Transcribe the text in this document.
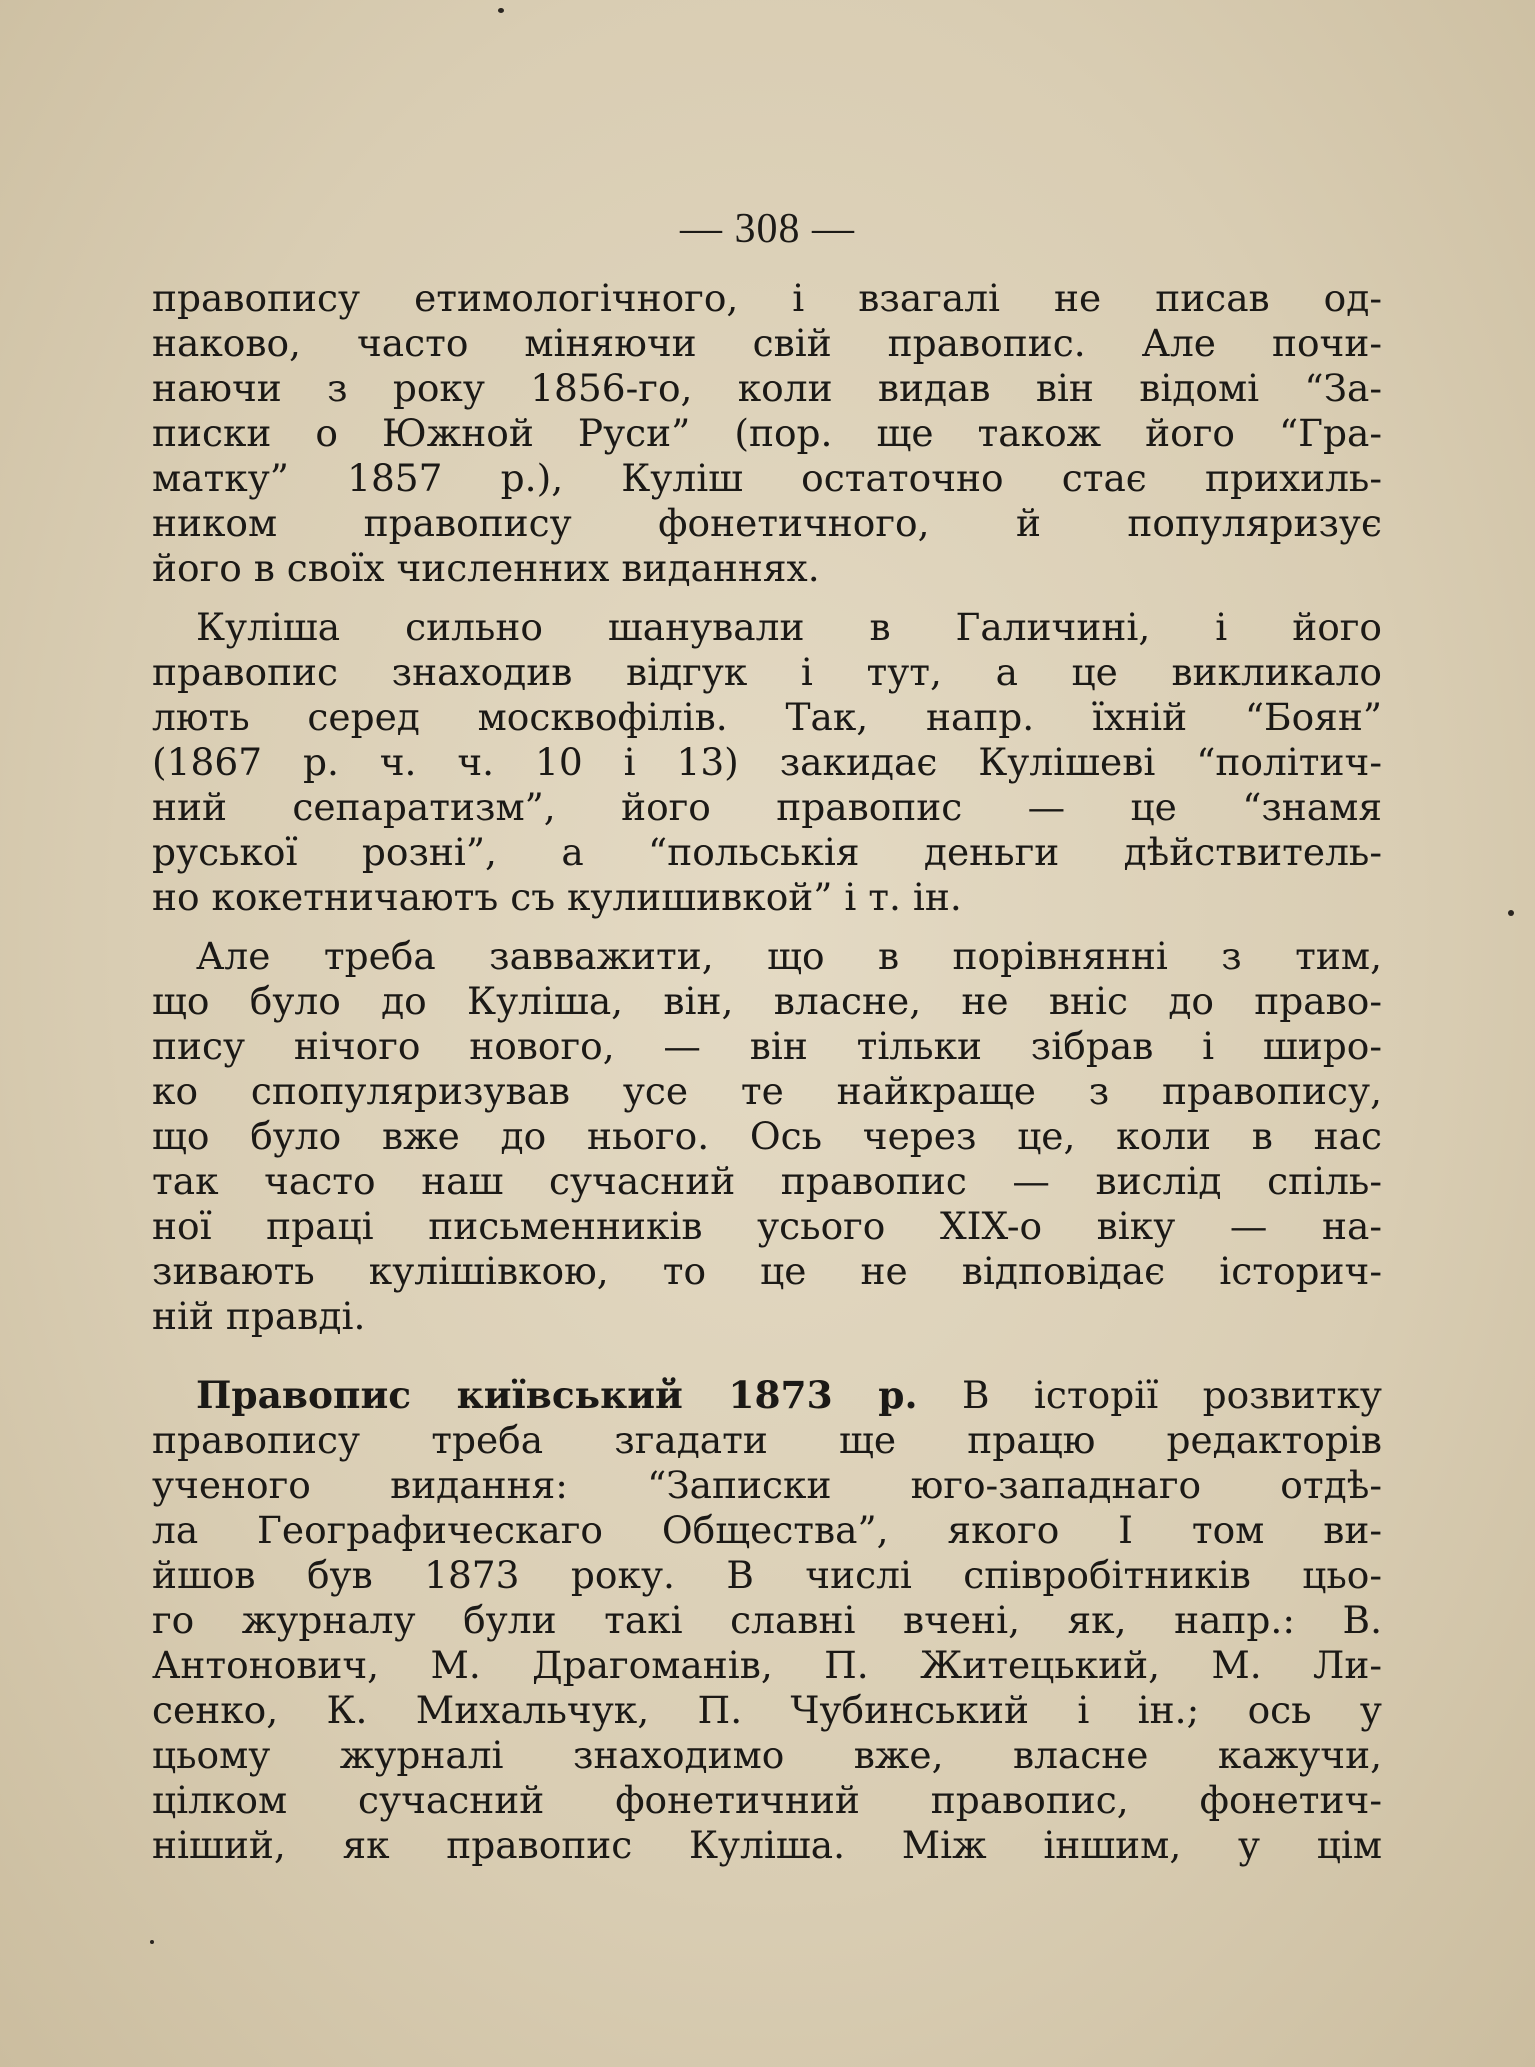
— 308 —
правопису етимологічного, і взагалі не писав од-
наково, часто міняючи свій правопис. Але почи-
наючи з року 1856-го, коли видав він відомі “За-
писки о Южной Руси” (пор. ще також його “Гра-
матку” 1857 р.), Куліш остаточно стає прихиль-
ником правопису фонетичного, й популяризує
його в своїх численних виданнях.
Куліша сильно шанували в Галичині, і його
правопис знаходив відгук і тут, а це викликало
лють серед москвофілів. Так, напр. їхній “Боян”
(1867 р. ч. ч. 10 і 13) закидає Кулішеві “політич-
ний сепаратизм”, його правопис — це “знамя
руської розні”, а “польськія деньги дѣйствитель-
но кокетничаютъ съ кулишивкой” і т. ін.
Але треба завважити, що в порівнянні з тим,
що було до Куліша, він, власне, не вніс до право-
пису нічого нового, — він тільки зібрав і широ-
ко спопуляризував усе те найкраще з правопису,
що було вже до нього. Ось через це, коли в нас
так часто наш сучасний правопис — вислід спіль-
ної праці письменників усього XIX-о віку — на-
зивають кулішівкою, то це не відповідає історич-
ній правді.
Правопис київський 1873 р. В історії розвитку
правопису треба згадати ще працю редакторів
ученого видання: “Записки юго-западнаго отдѣ-
ла Географическаго Общества”, якого І том ви-
йшов був 1873 року. В числі співробітників цьо-
го журналу були такі славні вчені, як, напр.: В.
Антонович, М. Драгоманів, П. Житецький, М. Ли-
сенко, К. Михальчук, П. Чубинський і ін.; ось у
цьому журналі знаходимо вже, власне кажучи,
цілком сучасний фонетичний правопис, фонетич-
ніший, як правопис Куліша. Між іншим, у цім
